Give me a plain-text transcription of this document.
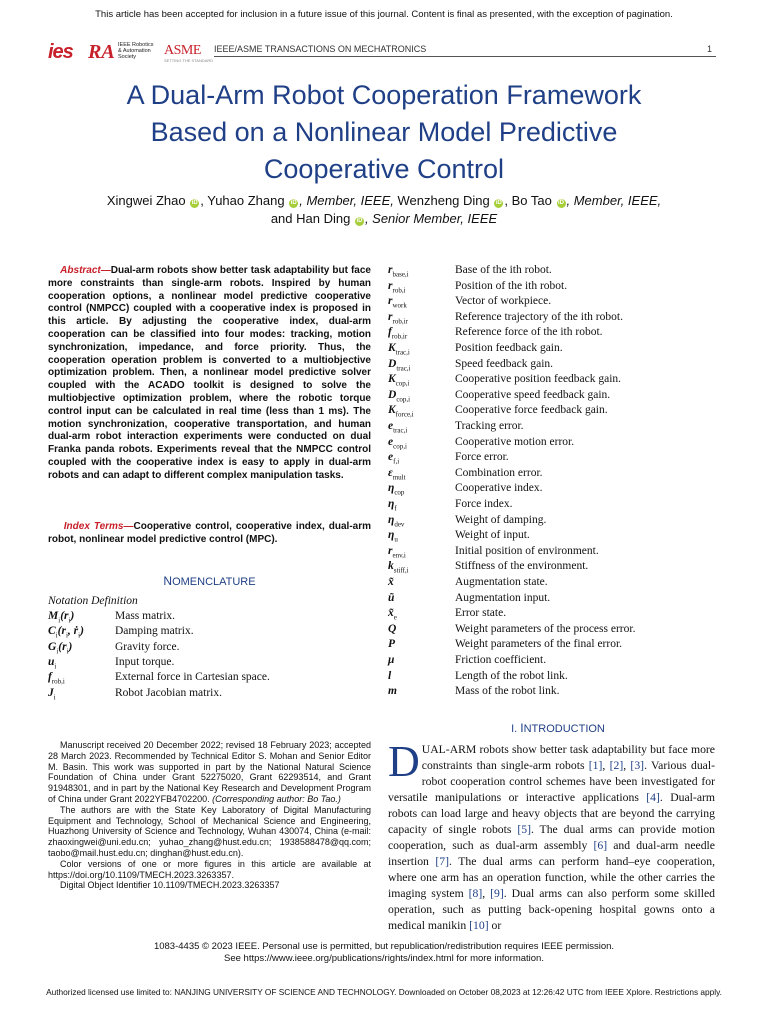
This article has been accepted for inclusion in a future issue of this journal. Content is final as presented, with the exception of pagination.
ies RA IEEE Robotics & Automation Society	ASME
SETTING THE STANDARD
IEEE/ASME TRANSACTIONS ON MECHATRONICS	1
A Dual-Arm Robot Cooperation Framework
Based on a Nonlinear Model Predictive
Cooperative Control
Xingwei Zhao iD , Yuhao Zhang iD , Member, IEEE, Wenzheng Ding iD , Bo Tao iD , Member, IEEE,
and Han Ding iD , Senior Member, IEEE
Abstract—Dual-arm robots show better task adaptability but face more constraints than single-arm robots. Inspired by human cooperation options, a nonlinear model predictive cooperative control (NMPCC) coupled with a cooperative index is proposed in this article. By adjusting the cooperative index, dual-arm cooperation can be classified into four modes: tracking, motion synchronization, impedance, and force priority. Thus, the cooperation operation problem is converted to a multiobjective optimization problem. Then, a nonlinear model predictive solver coupled with the ACADO toolkit is designed to solve the multiobjective optimization problem, where the robotic torque control input can be calculated in real time (less than 1 ms). The motion synchronization, cooperative transportation, and human dual-arm robot interaction experiments were conducted on dual Franka panda robots. Experiments reveal that the NMPCC control coupled with the cooperative index is easy to apply in dual-arm robots and can adapt to different complex manipulation tasks.
Index Terms—Cooperative control, cooperative index, dual-arm robot, nonlinear model predictive control (MPC).
NOMENCLATURE
Notation Definition
$M_i(r_i)$	Mass matrix.
$C_i(r_i$, ṙ$_i$)	Damping matrix.
$G_i(r_i)$	Gravity force.
$u_i$	Input torque.
$f_{rob,i}$	External force in Cartesian space.
$J_i$	Robot Jacobian matrix.
$r_{base,i}$	Base of the ith robot.
$r_{rob,i}$	Position of the ith robot.
$r_{work}$	Vector of workpiece.
$r_{rob,ir}$	Reference trajectory of the ith robot.
$f_{rob,ir}$	Reference force of the ith robot.
$K_{trac,i}$	Position feedback gain.
$D_{trac,i}$	Speed feedback gain.
$K_{cop,i}$	Cooperative position feedback gain.
$D_{cop,i}$	Cooperative speed feedback gain.
$K_{force,i}$	Cooperative force feedback gain.
$e_{trac,i}$	Tracking error.
$e_{cop,i}$	Cooperative motion error.
$e_{f,i}$	Force error.
$\varepsilon_{mult}$	Combination error.
$\eta_{cop}$	Cooperative index.
$\eta_f$	Force index.
$\eta_{dev}$	Weight of damping.
$\eta_u$	Weight of input.
$r_{env,i}$	Initial position of environment.
$k_{stiff,i}$	Stiffness of the environment.
x̃	Augmentation state.
ũ	Augmentation input.
$x̃_e$	Error state.
Q	Weight parameters of the process error.
P	Weight parameters of the final error.
μ	Friction coefficient.
l	Length of the robot link.
m	Mass of the robot link.

Manuscript received 20 December 2022; revised 18 February 2023; accepted 28 March 2023. Recommended by Technical Editor S. Mohan and Senior Editor M. Basin. This work was supported in part by the National Natural Science Foundation of China under Grant 52275020, Grant 62293514, and Grant 91948301, and in part by the National Key Research and Development Program of China under Grant 2022YFB4702200. (Corresponding author: Bo Tao.)

The authors are with the State Key Laboratory of Digital Manufacturing Equipment and Technology, School of Mechanical Science and Engineering, Huazhong University of Science and Technology, Wuhan 430074, China (e-mail: zhaoxingwei@uni.edu.cn; yuhao_zhang@hust.edu.cn; 1938588478@qq.com; taobo@mail.hust.edu.cn; dinghan@hust.edu.cn).

Color versions of one or more figures in this article are available at https://doi.org/10.1109/TMECH.2023.3263357.

Digital Object Identifier 10.1109/TMECH.2023.3263357

I. INTRODUCTION
DUAL-ARM robots show better task adaptability but face more constraints than single-arm robots [1], [2], [3]. Various dual-robot cooperation control schemes have been investigated for versatile manipulations or interactive applications [4]. Dual-arm robots can load large and heavy objects that are beyond the carrying capacity of single robots [5]. The dual arms can provide motion cooperation, such as dual-arm assembly [6] and dual-arm needle insertion [7]. The dual arms can perform hand–eye cooperation, where one arm has an operation function, while the other carries the imaging system [8], [9]. Dual arms can also perform some skilled operation, such as putting back-opening hospital gowns onto a medical manikin [10] or
1083-4435 © 2023 IEEE. Personal use is permitted, but republication/redistribution requires IEEE permission.
See https://www.ieee.org/publications/rights/index.html for more information.
Authorized licensed use limited to: NANJING UNIVERSITY OF SCIENCE AND TECHNOLOGY. Downloaded on October 08,2023 at 12:26:42 UTC from IEEE Xplore. Restrictions apply.
